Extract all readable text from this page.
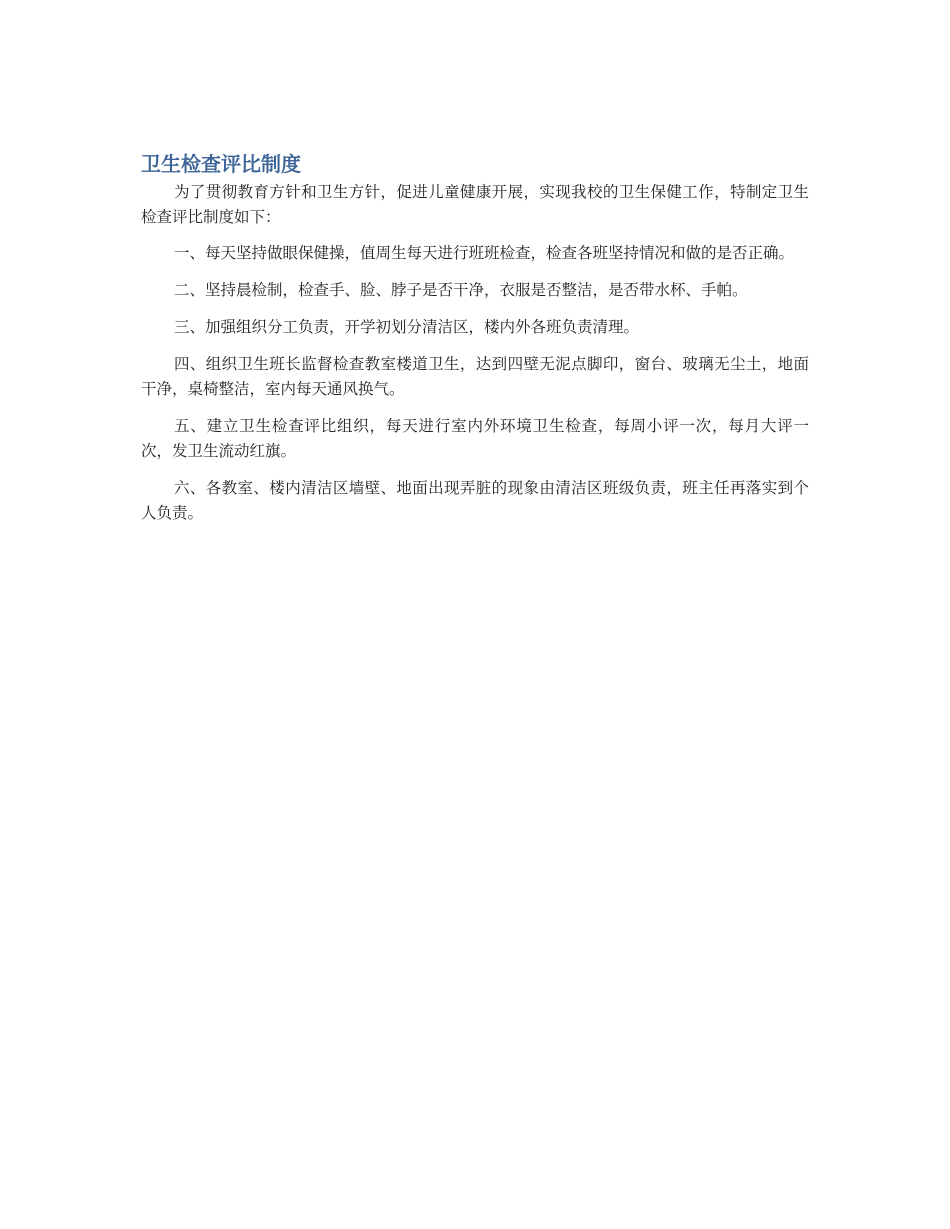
卫生检查评比制度

为了贯彻教育方针和卫生方针，促进儿童健康开展，实现我校的卫生保健工作，特制定卫生检查评比制度如下：

一、每天坚持做眼保健操，值周生每天进行班班检查，检查各班坚持情况和做的是否正确。

二、坚持晨检制，检查手、脸、脖子是否干净，衣服是否整洁，是否带水杯、手帕。

三、加强组织分工负责，开学初划分清洁区，楼内外各班负责清理。

四、组织卫生班长监督检查教室楼道卫生，达到四壁无泥点脚印，窗台、玻璃无尘土，地面干净，桌椅整洁，室内每天通风换气。

五、建立卫生检查评比组织，每天进行室内外环境卫生检查，每周小评一次，每月大评一次，发卫生流动红旗。

六、各教室、楼内清洁区墙壁、地面出现弄脏的现象由清洁区班级负责，班主任再落实到个人负责。
